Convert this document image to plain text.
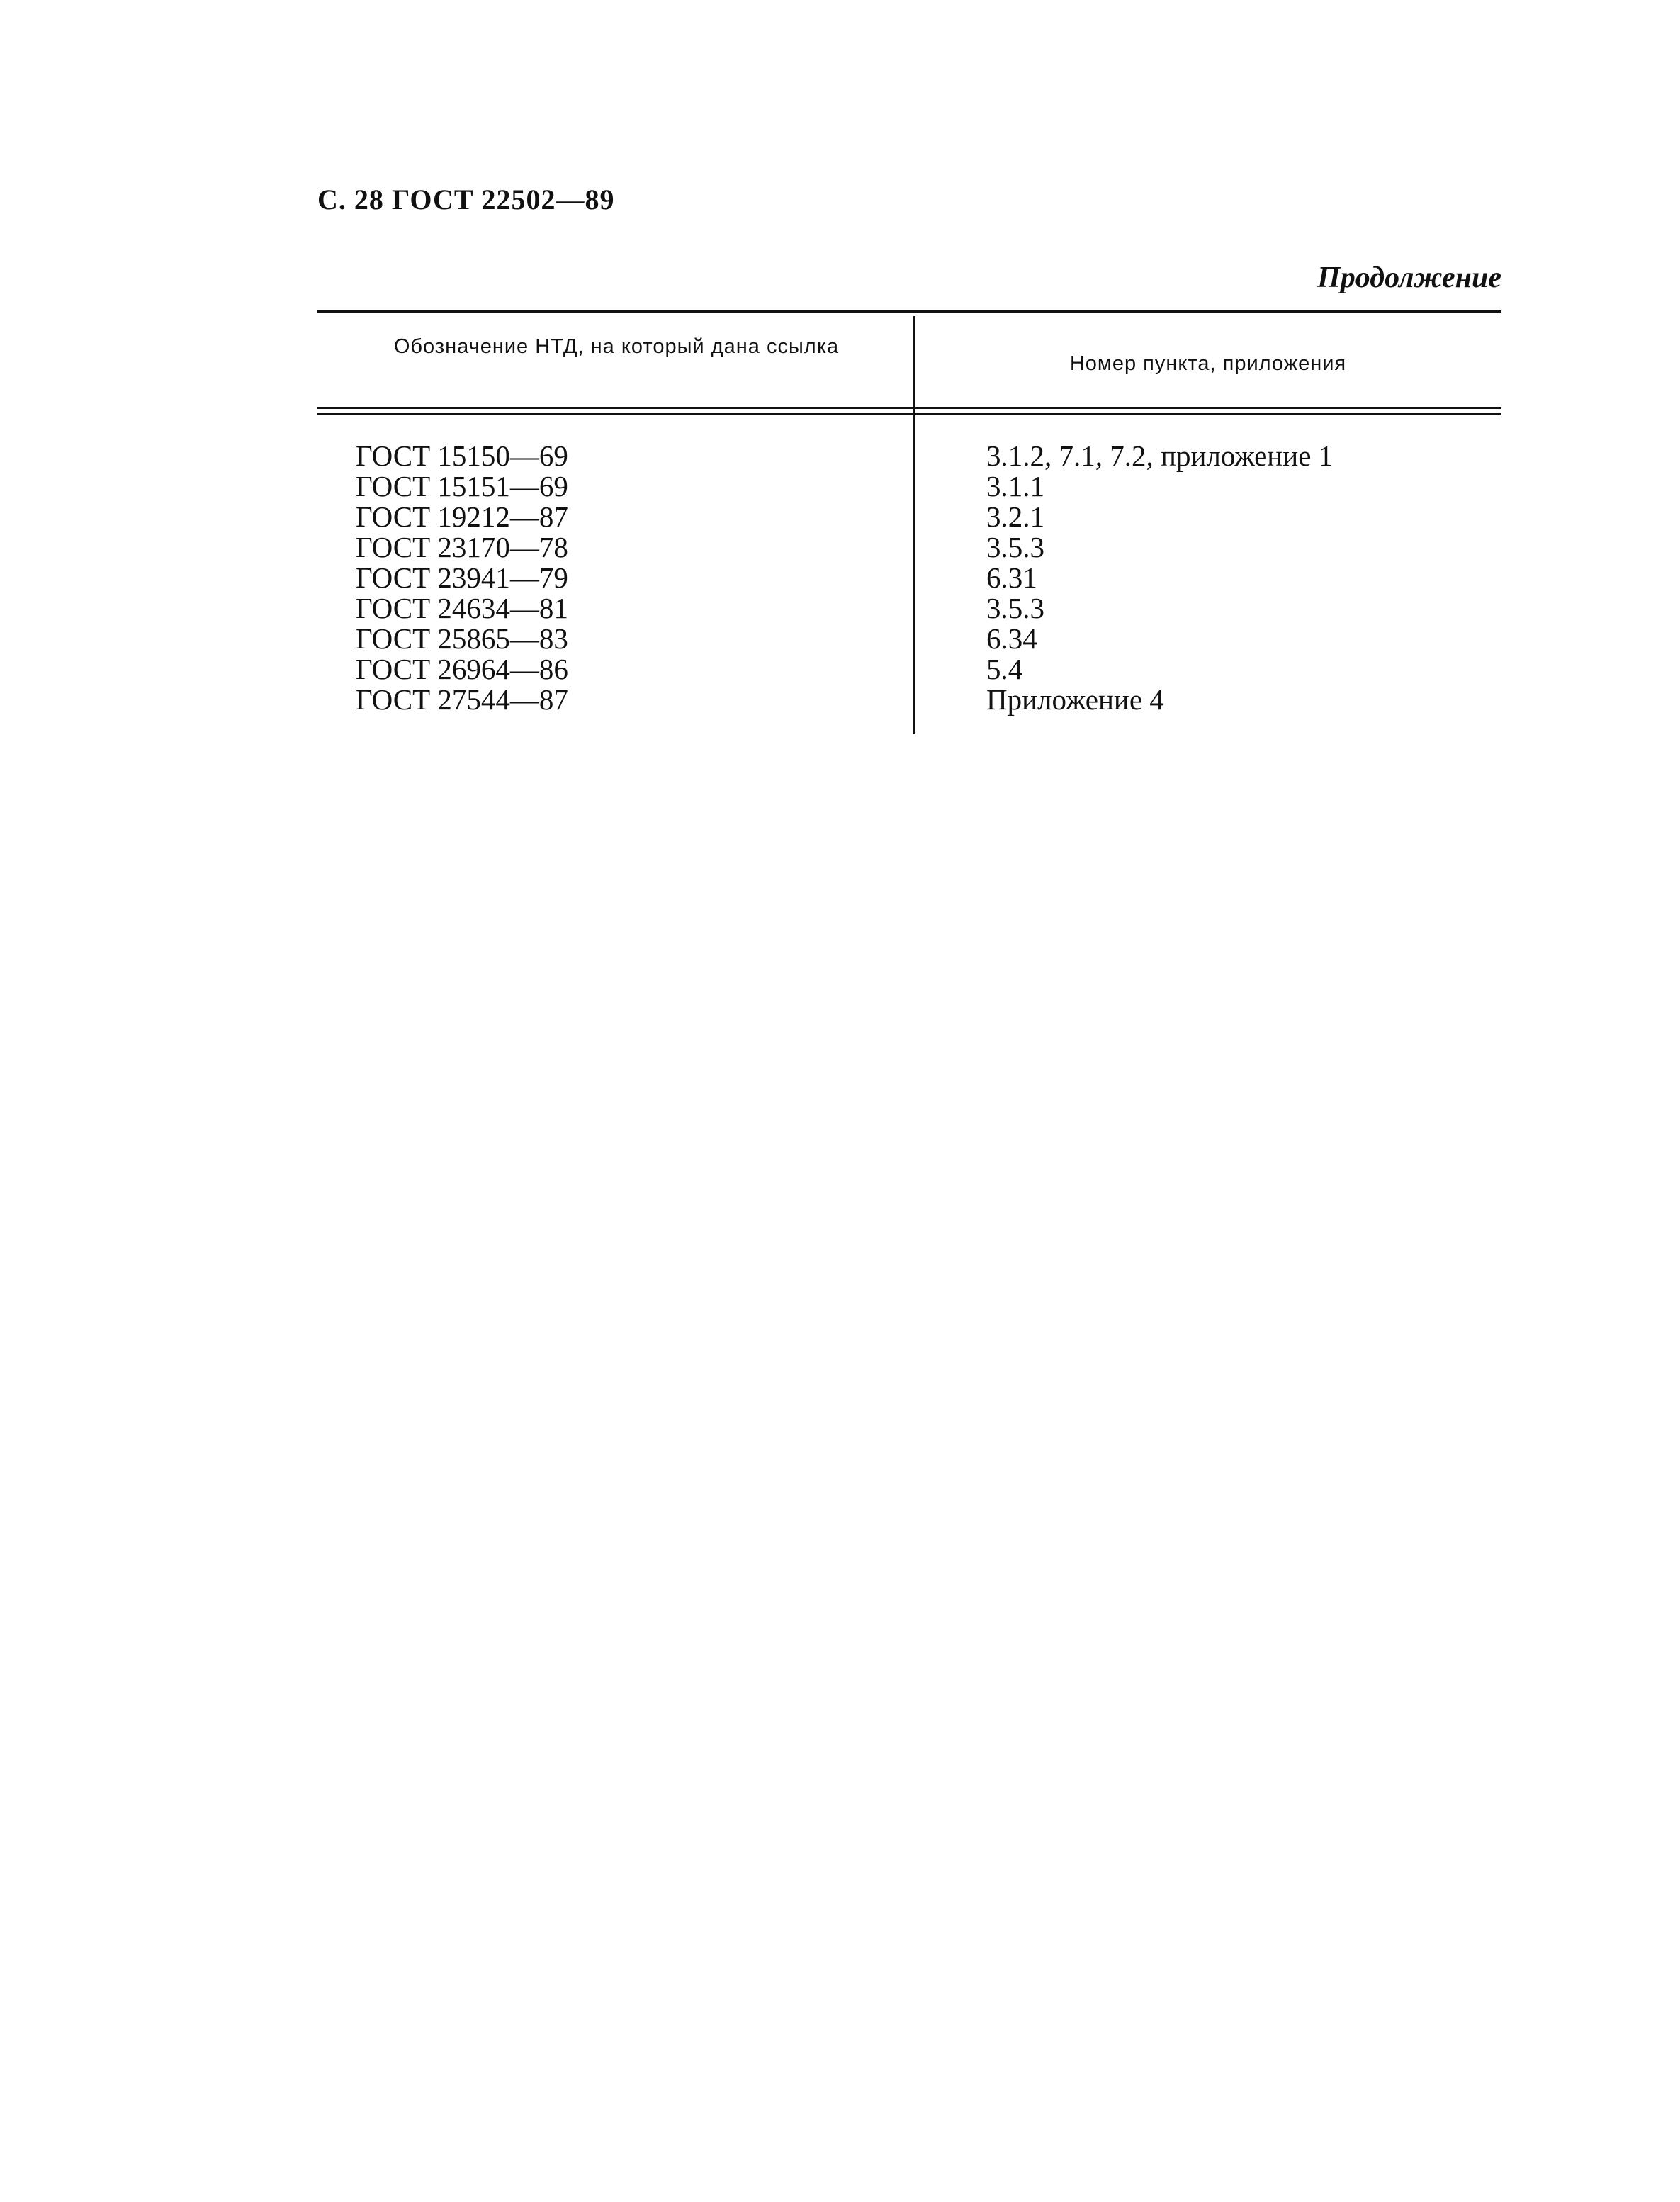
С. 28 ГОСТ 22502—89
Продолжение
Обозначение НТД, на который дана ссылка
Номер пункта, приложения
ГОСТ 15150—69
ГОСТ 15151—69
ГОСТ 19212—87
ГОСТ 23170—78
ГОСТ 23941—79
ГОСТ 24634—81
ГОСТ 25865—83
ГОСТ 26964—86
ГОСТ 27544—87
3.1.2, 7.1, 7.2, приложение 1
3.1.1
3.2.1
3.5.3
6.31
3.5.3
6.34
5.4
Приложение 4
